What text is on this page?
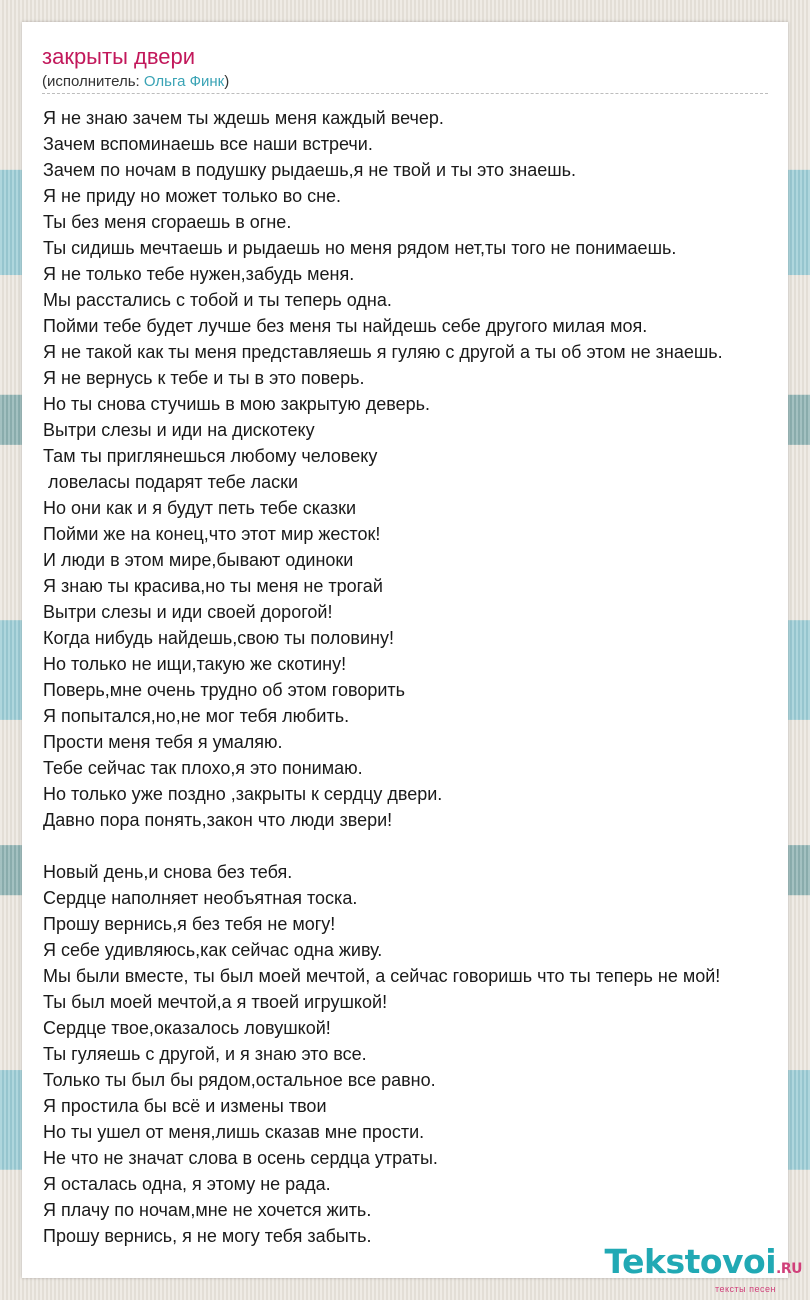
закрыты двери
(исполнитель: Ольга Финк)
Я не знаю зачем ты ждешь меня каждый вечер.
Зачем вспоминаешь все наши встречи.
Зачем по ночам в подушку рыдаешь,я не твой и ты это знаешь.
Я не приду но может только во сне.
Ты без меня сгораешь в огне.
Ты сидишь мечтаешь и рыдаешь но меня рядом нет,ты того не понимаешь.
Я не только тебе нужен,забудь меня.
Мы расстались с тобой и ты теперь одна.
Пойми тебе будет лучше без меня ты найдешь себе другого милая моя.
Я не такой как ты меня представляешь я гуляю с другой а ты об этом не знаешь.
Я не вернусь к тебе и ты в это поверь.
Но ты снова стучишь в мою закрытую деверь.
Вытри слезы и иди на дискотеку
Там ты приглянешься любому человеку
ловеласы подарят тебе ласки
Но они как и я будут петь тебе сказки
Пойми же на конец,что этот мир жесток!
И люди в этом мире,бывают одиноки
Я знаю ты красива,но ты меня не трогай
Вытри слезы и иди своей дорогой!
Когда нибудь найдешь,свою ты половину!
Но только не ищи,такую же скотину!
Поверь,мне очень трудно об этом говорить
Я попытался,но,не мог тебя любить.
Прости меня тебя я умаляю.
Тебе сейчас так плохо,я это понимаю.
Но только уже поздно ,закрыты к сердцу двери.
Давно пора понять,закон что люди звери!
Новый день,и снова без тебя.
Сердце наполняет необъятная тоска.
Прошу вернись,я без тебя не могу!
Я себе удивляюсь,как сейчас одна живу.
Мы были вместе, ты был моей мечтой, а сейчас говоришь что ты теперь не мой!
Ты был моей мечтой,а я твоей игрушкой!
Сердце твое,оказалось ловушкой!
Ты гуляешь с другой, и я знаю это все.
Только ты был бы рядом,остальное все равно.
Я простила бы всё и измены твои
Но ты ушел от меня,лишь сказав мне прости.
Не что не значат слова в осень сердца утраты.
Я осталась одна, я этому не рада.
Я плачу по ночам,мне не хочется жить.
Прошу вернись, я не могу тебя забыть.
Tekstovoi.RU
тексты песен
